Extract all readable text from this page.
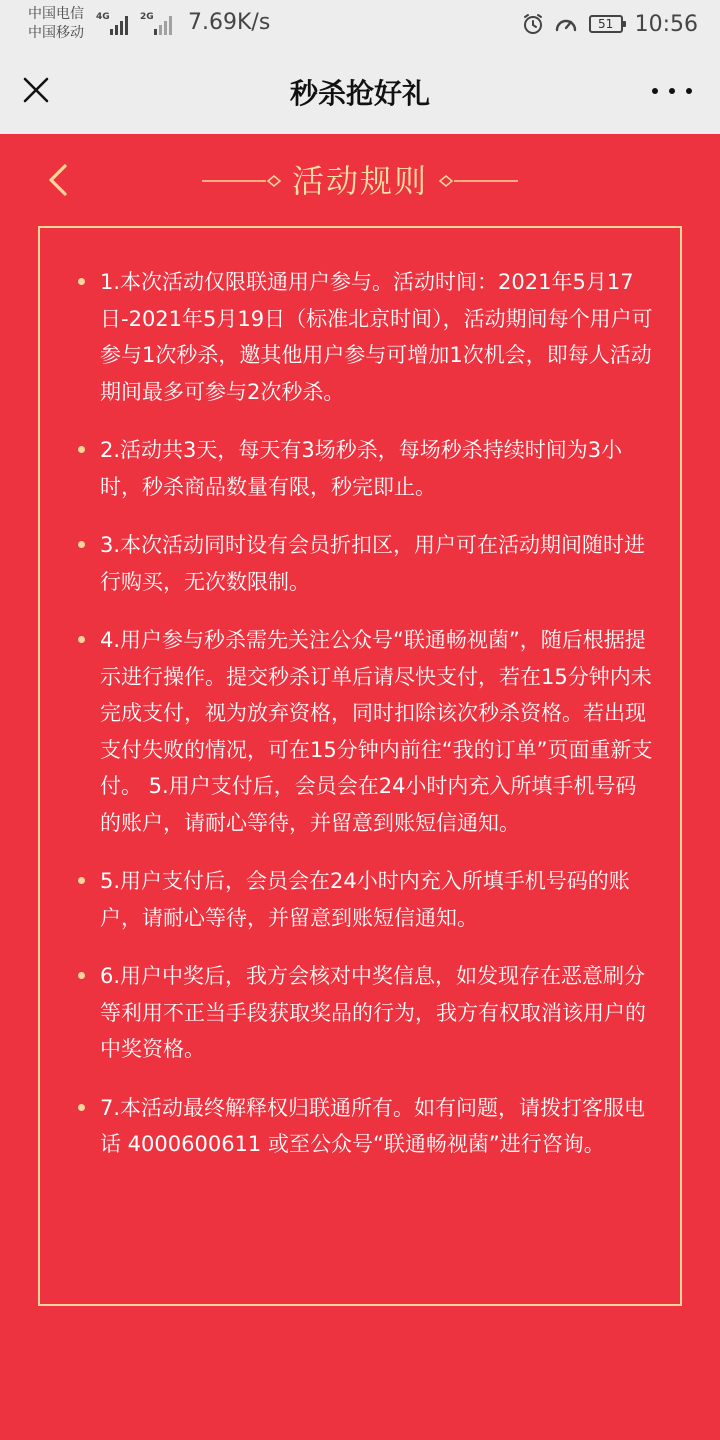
中国电信
中国移动
4G	2G 7.69K/s	51 10:56
秒杀抢好礼
活动规则
1.本次活动仅限联通用户参与。活动时间：2021年5月17日-2021年5月19日（标准北京时间），活动期间每个用户可参与1次秒杀，邀其他用户参与可增加1次机会，即每人活动期间最多可参与2次秒杀。
2.活动共3天，每天有3场秒杀，每场秒杀持续时间为3小时，秒杀商品数量有限，秒完即止。
3.本次活动同时设有会员折扣区，用户可在活动期间随时进行购买，无次数限制。
4.用户参与秒杀需先关注公众号“联通畅视菌”，随后根据提示进行操作。提交秒杀订单后请尽快支付，若在15分钟内未完成支付，视为放弃资格，同时扣除该次秒杀资格。若出现支付失败的情况，可在15分钟内前往“我的订单”页面重新支付。 5.用户支付后，会员会在24小时内充入所填手机号码的账户，请耐心等待，并留意到账短信通知。
5.用户支付后，会员会在24小时内充入所填手机号码的账户，请耐心等待，并留意到账短信通知。
6.用户中奖后，我方会核对中奖信息，如发现存在恶意刷分等利用不正当手段获取奖品的行为，我方有权取消该用户的中奖资格。
7.本活动最终解释权归联通所有。如有问题，请拨打客服电话 4000600611 或至公众号“联通畅视菌”进行咨询。
